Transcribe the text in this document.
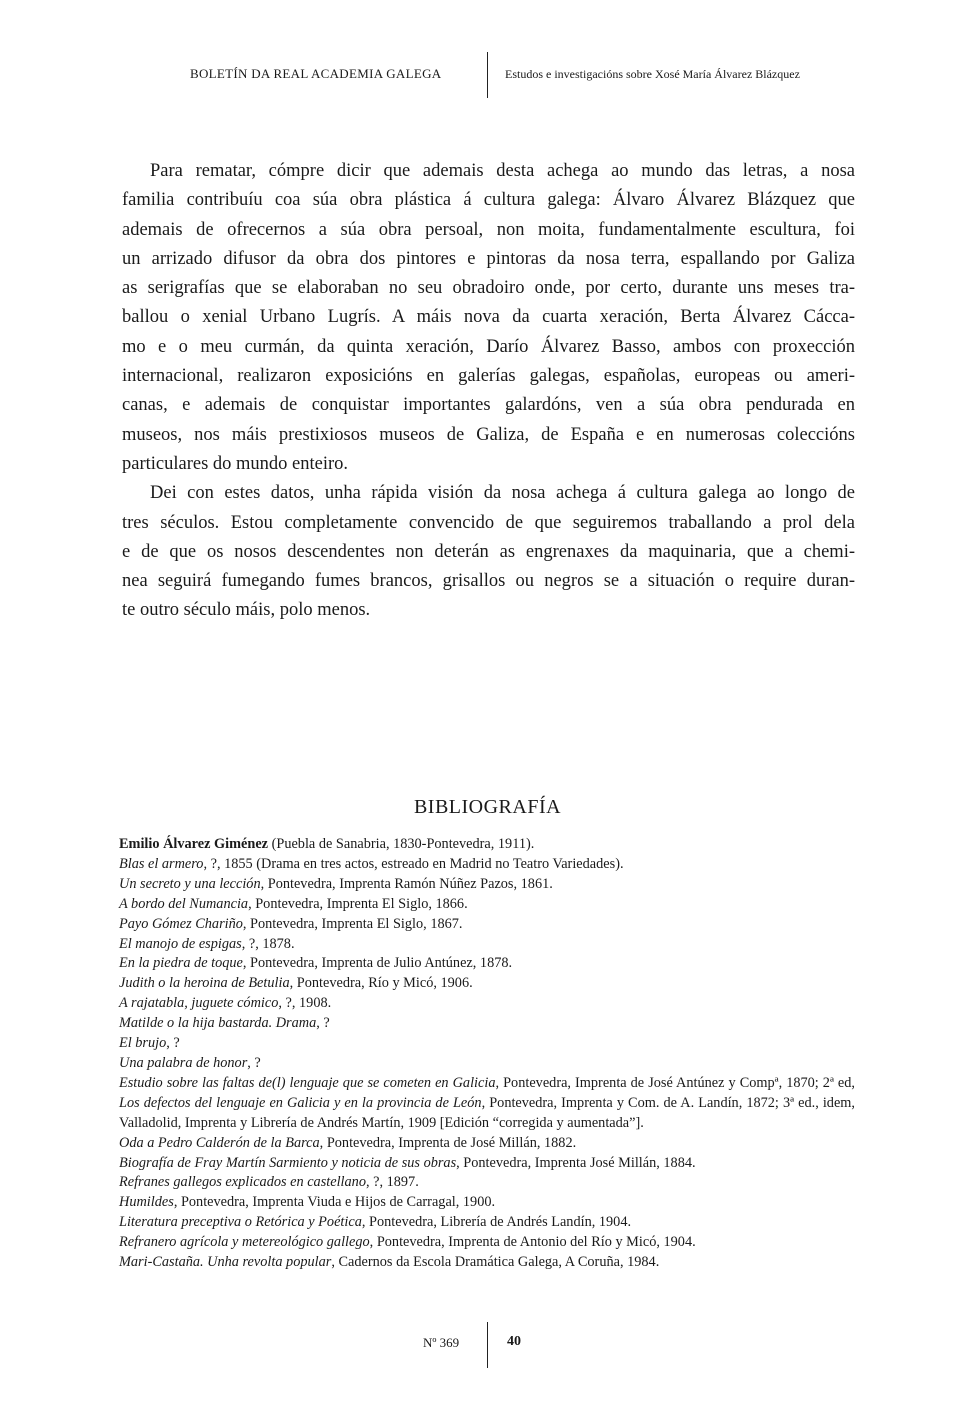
BOLETÍN DA REAL ACADEMIA GALEGA	Estudos e investigacións sobre Xosé María Álvarez Blázquez
Para rematar, cómpre dicir que ademais desta achega ao mundo das letras, a nosa
familia contribuíu coa súa obra plástica á cultura galega: Álvaro Álvarez Blázquez que
ademais de ofrecernos a súa obra persoal, non moita, fundamentalmente escultura, foi
un arrizado difusor da obra dos pintores e pintoras da nosa terra, espallando por Galiza
as serigrafías que se elaboraban no seu obradoiro onde, por certo, durante uns meses tra-
ballou o xenial Urbano Lugrís. A máis nova da cuarta xeración, Berta Álvarez Cácca-
mo e o meu curmán, da quinta xeración, Darío Álvarez Basso, ambos con proxección
internacional, realizaron exposicións en galerías galegas, españolas, europeas ou ameri-
canas, e ademais de conquistar importantes galardóns, ven a súa obra pendurada en
museos, nos máis prestixiosos museos de Galiza, de España e en numerosas coleccións
particulares do mundo enteiro.
Dei con estes datos, unha rápida visión da nosa achega á cultura galega ao longo de
tres séculos. Estou completamente convencido de que seguiremos traballando a prol dela
e de que os nosos descendentes non deterán as engrenaxes da maquinaria, que a chemi-
nea seguirá fumegando fumes brancos, grisallos ou negros se a situación o require duran-
te outro século máis, polo menos.
BIBLIOGRAFÍA
Emilio Álvarez Giménez (Puebla de Sanabria, 1830-Pontevedra, 1911).
Blas el armero, ?, 1855 (Drama en tres actos, estreado en Madrid no Teatro Variedades).
Un secreto y una lección, Pontevedra, Imprenta Ramón Núñez Pazos, 1861.
A bordo del Numancia, Pontevedra, Imprenta El Siglo, 1866.
Payo Gómez Chariño, Pontevedra, Imprenta El Siglo, 1867.
El manojo de espigas, ?, 1878.
En la piedra de toque, Pontevedra, Imprenta de Julio Antúnez, 1878.
Judith o la heroina de Betulia, Pontevedra, Río y Micó, 1906.
A rajatabla, juguete cómico, ?, 1908.
Matilde o la hija bastarda. Drama, ?
El brujo, ?
Una palabra de honor, ?
Estudio sobre las faltas de(l) lenguaje que se cometen en Galicia, Pontevedra, Imprenta de José Antúnez y Compª, 1870; 2ª ed, Los defectos del lenguaje en Galicia y en la provincia de León, Pontevedra, Imprenta y Com. de A. Landín, 1872; 3ª ed., idem, Valladolid, Imprenta y Librería de Andrés Martín, 1909 [Edición “corregida y aumentada”].
Oda a Pedro Calderón de la Barca, Pontevedra, Imprenta de José Millán, 1882.
Biografía de Fray Martín Sarmiento y noticia de sus obras, Pontevedra, Imprenta José Millán, 1884.
Refranes gallegos explicados en castellano, ?, 1897.
Humildes, Pontevedra, Imprenta Viuda e Hijos de Carragal, 1900.
Literatura preceptiva o Retórica y Poética, Pontevedra, Librería de Andrés Landín, 1904.
Refranero agrícola y metereológico gallego, Pontevedra, Imprenta de Antonio del Río y Micó, 1904.
Mari-Castaña. Unha revolta popular, Cadernos da Escola Dramática Galega, A Coruña, 1984.
Nº 369	40
